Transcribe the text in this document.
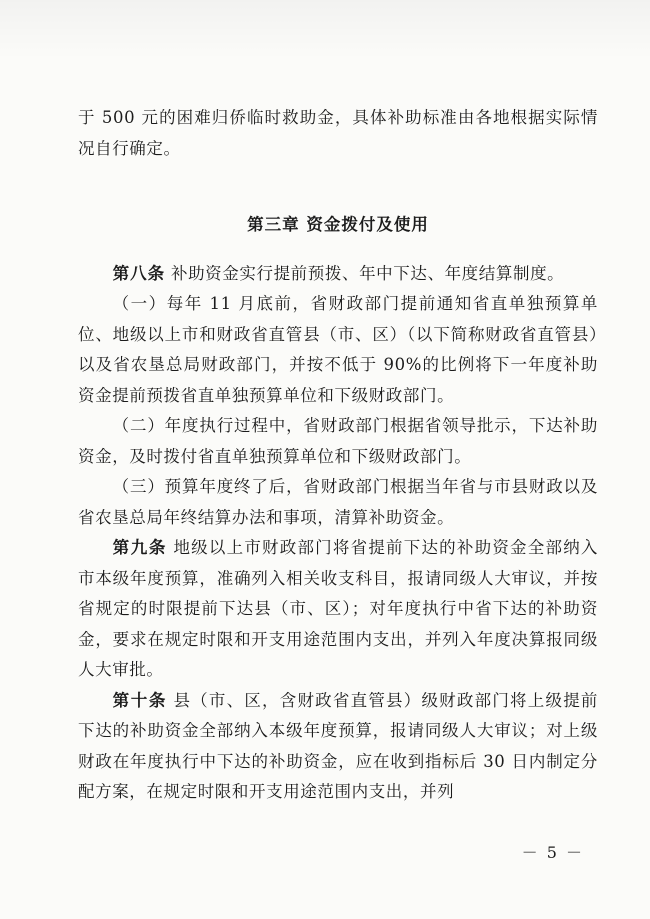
于 500 元的困难归侨临时救助金，具体补助标准由各地根据实际情况自行确定。

第三章 资金拨付及使用

第八条 补助资金实行提前预拨、年中下达、年度结算制度。

（一）每年 11 月底前，省财政部门提前通知省直单独预算单位、地级以上市和财政省直管县（市、区）（以下简称财政省直管县）以及省农垦总局财政部门，并按不低于 90%的比例将下一年度补助资金提前预拨省直单独预算单位和下级财政部门。

（二）年度执行过程中，省财政部门根据省领导批示，下达补助资金，及时拨付省直单独预算单位和下级财政部门。

（三）预算年度终了后，省财政部门根据当年省与市县财政以及省农垦总局年终结算办法和事项，清算补助资金。

第九条 地级以上市财政部门将省提前下达的补助资金全部纳入市本级年度预算，准确列入相关收支科目，报请同级人大审议，并按省规定的时限提前下达县（市、区）；对年度执行中省下达的补助资金，要求在规定时限和开支用途范围内支出，并列入年度决算报同级人大审批。

第十条 县（市、区，含财政省直管县）级财政部门将上级提前下达的补助资金全部纳入本级年度预算，报请同级人大审议；对上级财政在年度执行中下达的补助资金，应在收到指标后 30 日内制定分配方案，在规定时限和开支用途范围内支出，并列

－ 5 －
